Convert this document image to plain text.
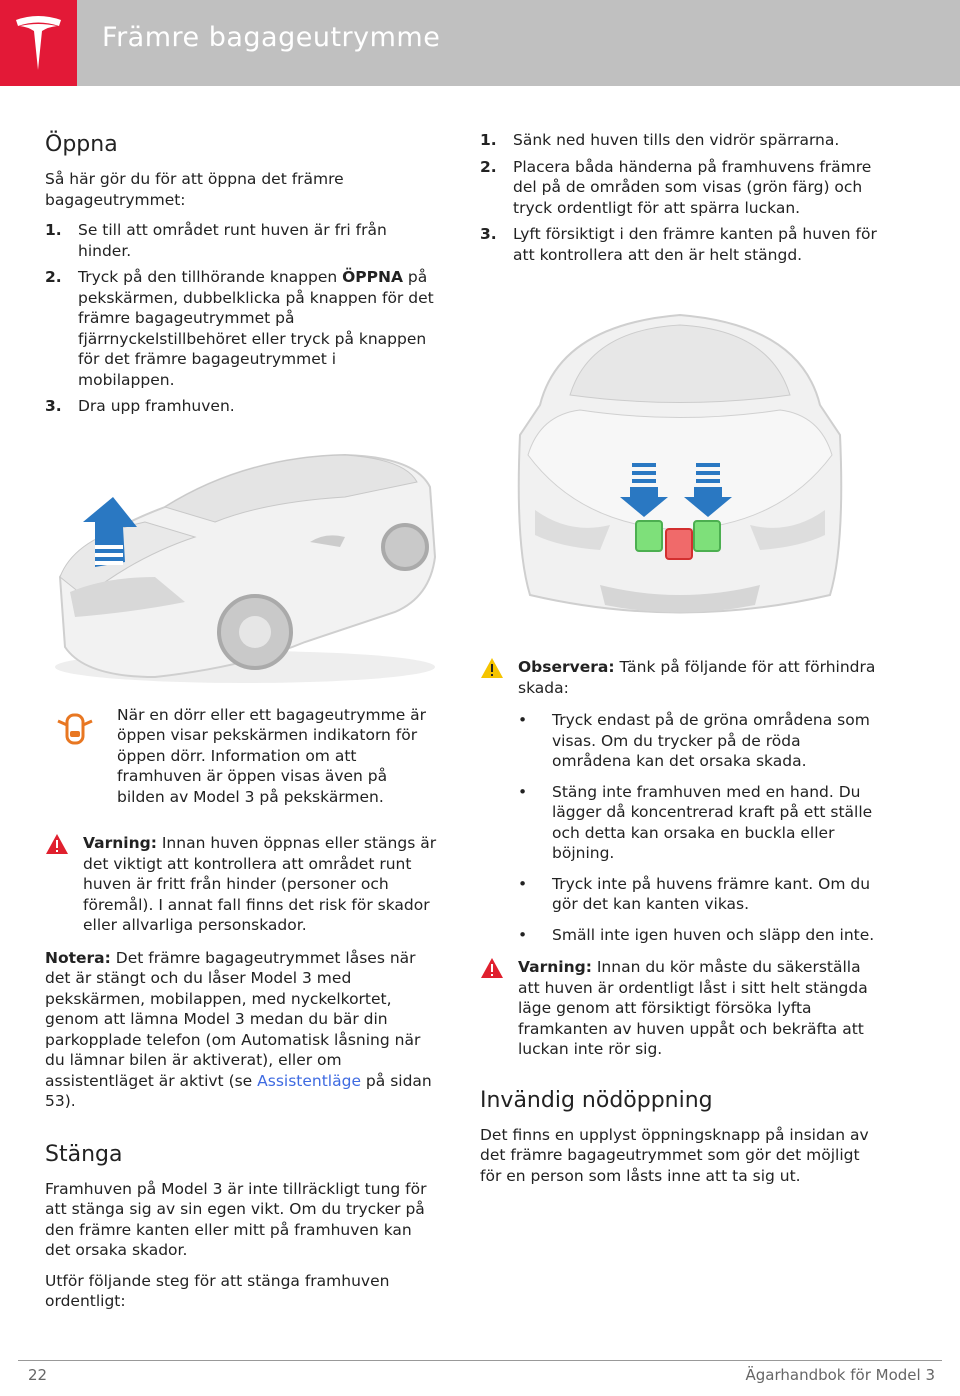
Främre bagageutrymme
Öppna

Så här gör du för att öppna det främre bagageutrymmet:

1. Se till att området runt huven är fri från hinder.
2. Tryck på den tillhörande knappen ÖPPNA på pekskärmen, dubbelklicka på knappen för det främre bagageutrymmet på fjärrnyckelstillbehöret eller tryck på knappen för det främre bagageutrymmet i mobilappen.
3. Dra upp framhuven.
När en dörr eller ett bagageutrymme är öppen visar pekskärmen indikatorn för öppen dörr. Information om att framhuven är öppen visas även på bilden av Model 3 på pekskärmen.
Varning: Innan huven öppnas eller stängs är det viktigt att kontrollera att området runt huven är fritt från hinder (personer och föremål). I annat fall finns det risk för skador eller allvarliga personskador.

Notera: Det främre bagageutrymmet låses när det är stängt och du låser Model 3 med pekskärmen, mobilappen, med nyckelkortet, genom att lämna Model 3 medan du bär din parkopplade telefon (om Automatisk låsning när du lämnar bilen är aktiverat), eller om assistentläget är aktivt (se Assistentläge på sidan 53).

Stänga

Framhuven på Model 3 är inte tillräckligt tung för att stänga sig av sin egen vikt. Om du trycker på den främre kanten eller mitt på framhuven kan det orsaka skador.

Utför följande steg för att stänga framhuven ordentligt:

1. Sänk ned huven tills den vidrör spärrarna.
2. Placera båda händerna på framhuvens främre del på de områden som visas (grön färg) och tryck ordentligt för att spärra luckan.
3. Lyft försiktigt i den främre kanten på huven för att kontrollera att den är helt stängd.
Observera: Tänk på följande för att förhindra skada:
• Tryck endast på de gröna områdena som visas. Om du trycker på de röda områdena kan det orsaka skada.
• Stäng inte framhuven med en hand. Du lägger då koncentrerad kraft på ett ställe och detta kan orsaka en buckla eller böjning.
• Tryck inte på huvens främre kant. Om du gör det kan kanten vikas.
• Smäll inte igen huven och släpp den inte.
Varning: Innan du kör måste du säkerställa att huven är ordentligt låst i sitt helt stängda läge genom att försiktigt försöka lyfta framkanten av huven uppåt och bekräfta att luckan inte rör sig.
Invändig nödöppning

Det finns en upplyst öppningsknapp på insidan av det främre bagageutrymmet som gör det möjligt för en person som låsts inne att ta sig ut.

22	Ägarhandbok för Model 3
